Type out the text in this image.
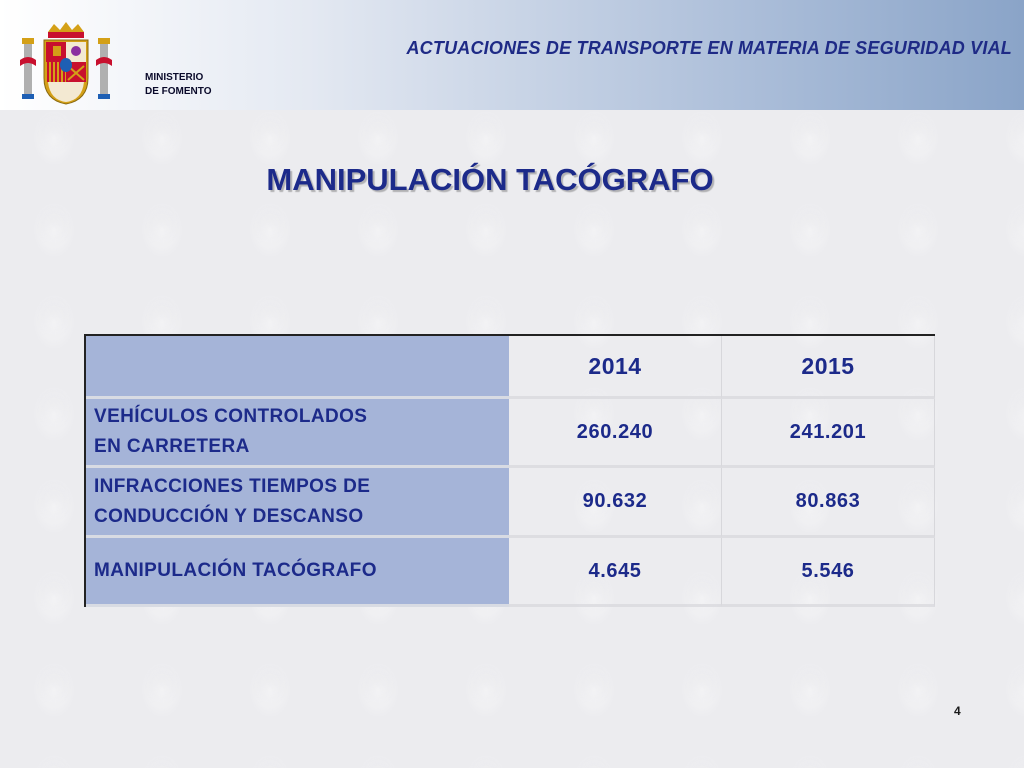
MINISTERIO
DE FOMENTO
ACTUACIONES DE TRANSPORTE EN MATERIA DE SEGURIDAD VIAL
MANIPULACIÓN TACÓGRAFO
	2014	2015

VEHÍCULOS CONTROLADOS
EN CARRETERA	260.240	241.201

INFRACCIONES TIEMPOS DE
CONDUCCIÓN Y DESCANSO	90.632	80.863

MANIPULACIÓN TACÓGRAFO	4.645	5.546
4
